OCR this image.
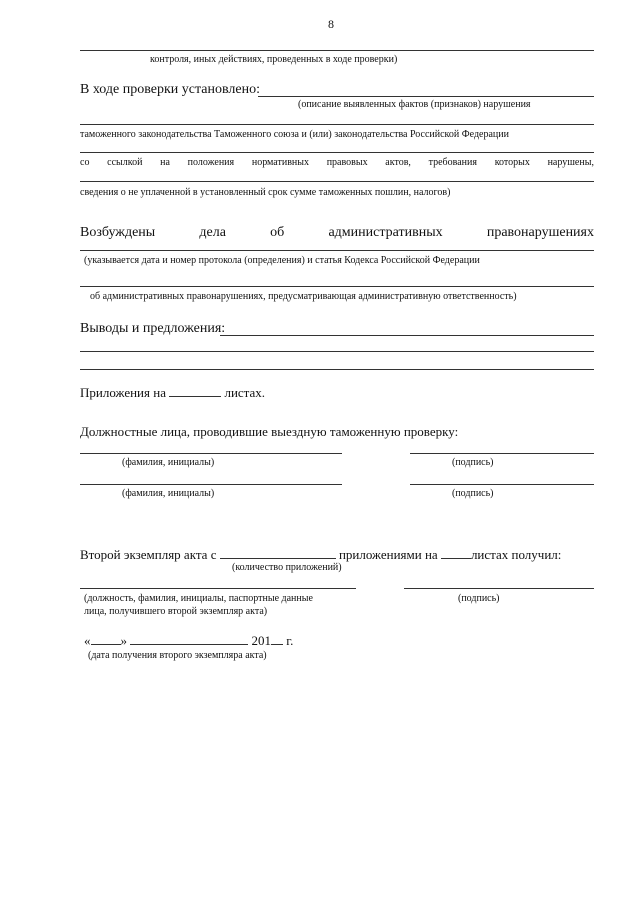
8
контроля, иных действиях, проведенных в ходе проверки)
В ходе проверки установлено:
(описание выявленных фактов (признаков) нарушения
таможенного законодательства Таможенного союза и (или) законодательства Российской Федерации
со ссылкой на положения нормативных правовых актов, требования которых нарушены,
сведения о не уплаченной в установленный срок сумме таможенных пошлин, налогов)
Возбуждены	дела	об	административных	правонарушениях
(указывается дата и номер протокола (определения) и статья Кодекса Российской Федерации
об административных правонарушениях, предусматривающая административную ответственность)
Выводы и предложения:
Приложения на	листах.
Должностные лица, проводившие выездную таможенную проверку:
(фамилия, инициалы)	(подпись)
(фамилия, инициалы)	(подпись)
Второй экземпляр акта с	приложениями на	листах получил:
(количество приложений)
(должность, фамилия, инициалы, паспортные данные
лица, получившего второй экземпляр акта)
(подпись)
« »	201 г.
(дата получения второго экземпляра акта)
